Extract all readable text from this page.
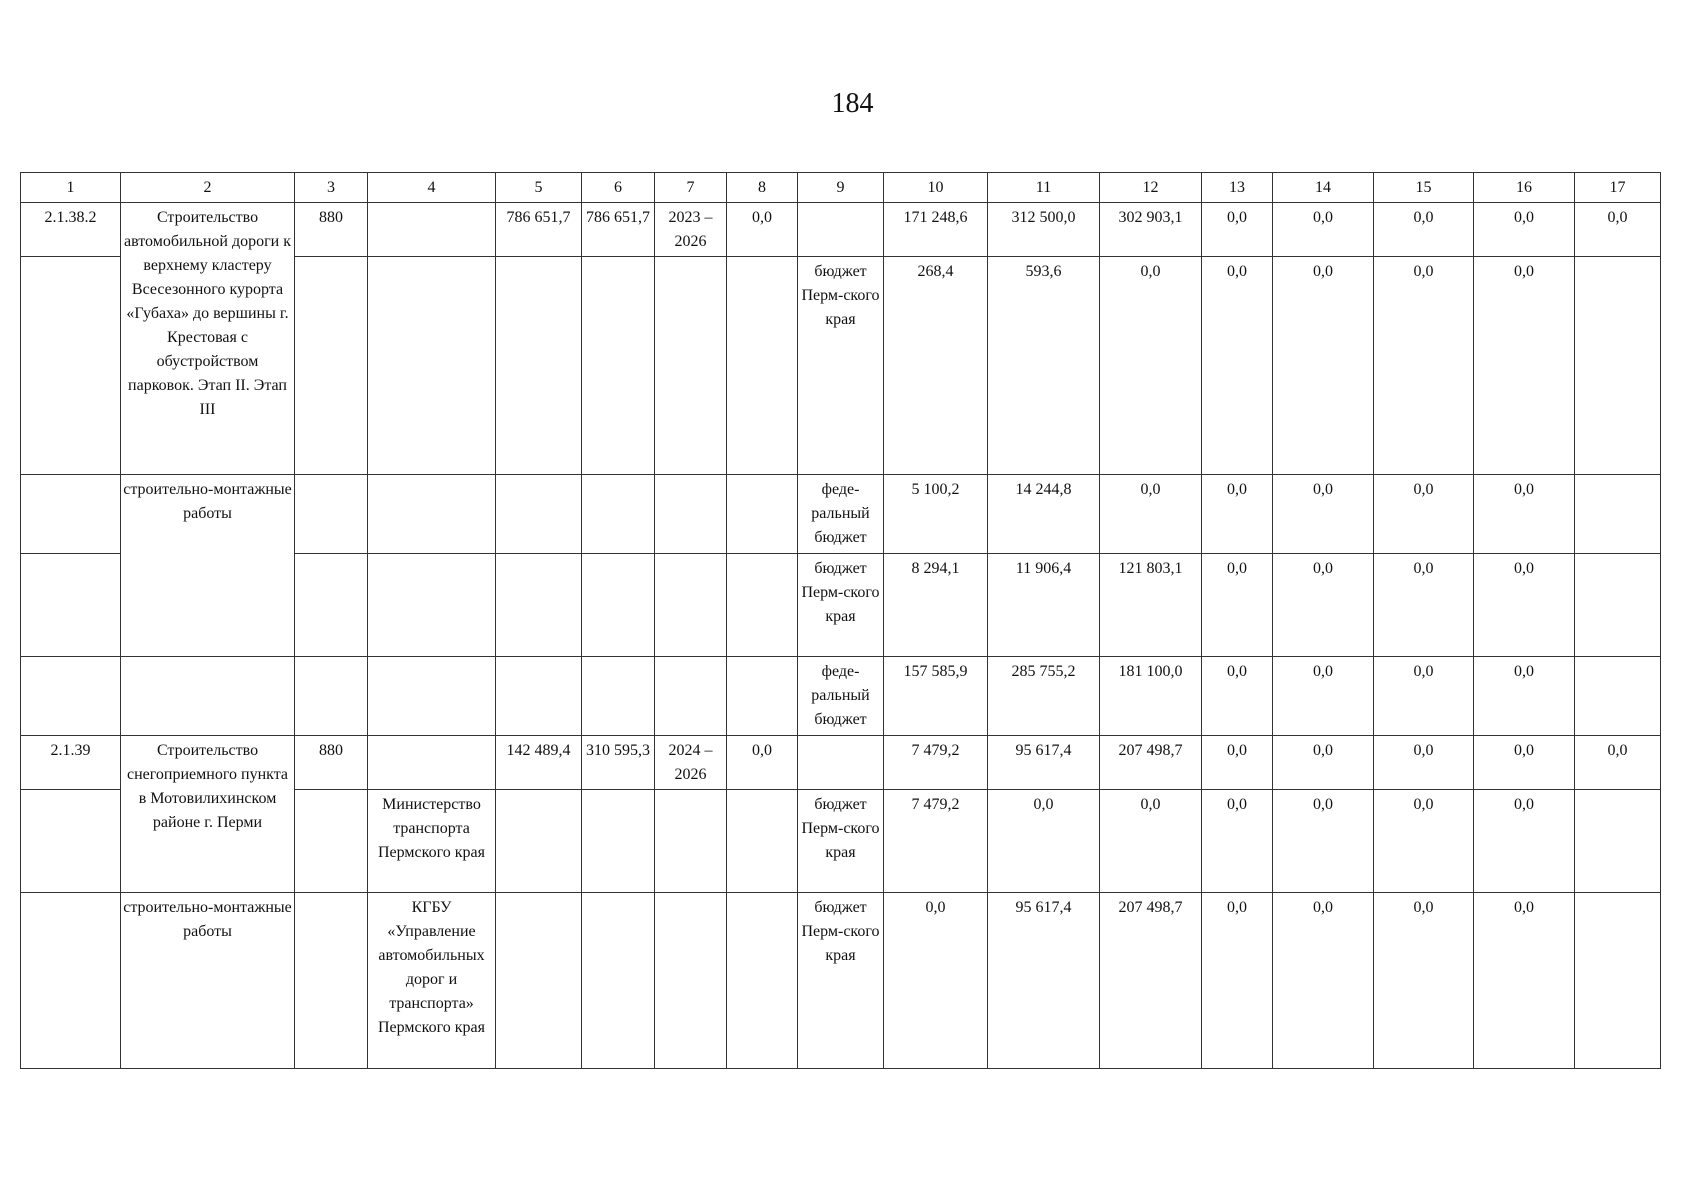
184
1	2	3	4	5	6	7	8	9	10	11	12	13	14	15	16	17
2.1.38.2	Строительство автомобильной дороги к верхнему кластеру Всесезонного курорта «Губаха» до вершины г. Крестовая с обустройством парковок. Этап II. Этап III	880		786 651,7	786 651,7	2023 – 2026	0,0		171 248,6	312 500,0	302 903,1	0,0	0,0	0,0	0,0	0,0
								бюджет Перм-ского края	268,4	593,6	0,0	0,0	0,0	0,0	0,0	
	строительно-монтажные работы							феде-ральный бюджет	5 100,2	14 244,8	0,0	0,0	0,0	0,0	0,0	
								бюджет Перм-ского края	8 294,1	11 906,4	121 803,1	0,0	0,0	0,0	0,0	
								феде-ральный бюджет	157 585,9	285 755,2	181 100,0	0,0	0,0	0,0	0,0	
2.1.39	Строительство снегоприемного пункта в Мотовилихинском районе г. Перми	880		142 489,4	310 595,3	2024 – 2026	0,0		7 479,2	95 617,4	207 498,7	0,0	0,0	0,0	0,0	0,0
			Министерство транспорта Пермского края					бюджет Перм-ского края	7 479,2	0,0	0,0	0,0	0,0	0,0	0,0	
	строительно-монтажные работы		КГБУ «Управление автомобильных дорог и транспорта» Пермского края					бюджет Перм-ского края	0,0	95 617,4	207 498,7	0,0	0,0	0,0	0,0	
